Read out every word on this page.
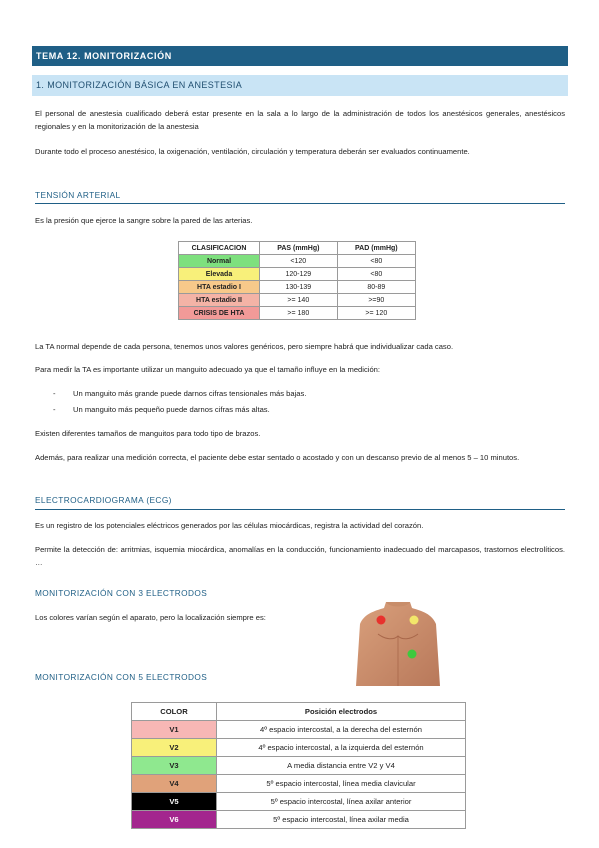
TEMA 12. MONITORIZACIÓN
1. MONITORIZACIÓN BÁSICA EN ANESTESIA
El personal de anestesia cualificado deberá estar presente en la sala a lo largo de la administración de todos los anestésicos generales, anestésicos regionales y en la monitorización de la anestesia
Durante todo el proceso anestésico, la oxigenación, ventilación, circulación y temperatura deberán ser evaluados continuamente.
TENSIÓN ARTERIAL
Es la presión que ejerce la sangre sobre la pared de las arterias.
CLASIFICACION	PAS (mmHg)	PAD (mmHg)
Normal	<120	<80
Elevada	120-129	<80
HTA estadio I	130-139	80-89
HTA estadio II	>= 140	>=90
CRISIS DE HTA	>= 180	>= 120
La TA normal depende de cada persona, tenemos unos valores genéricos, pero siempre habrá que individualizar cada caso.
Para medir la TA es importante utilizar un manguito adecuado ya que el tamaño influye en la medición:
- Un manguito más grande puede darnos cifras tensionales más bajas.
- Un manguito más pequeño puede darnos cifras más altas.
Existen diferentes tamaños de manguitos para todo tipo de brazos.
Además, para realizar una medición correcta, el paciente debe estar sentado o acostado y con un descanso previo de al menos 5 – 10 minutos.
ELECTROCARDIOGRAMA (ECG)
Es un registro de los potenciales eléctricos generados por las células miocárdicas, registra la actividad del corazón.
Permite la detección de: arritmias, isquemia miocárdica, anomalías en la conducción, funcionamiento inadecuado del marcapasos, trastornos electrolíticos. …
MONITORIZACIÓN CON 3 ELECTRODOS
Los colores varían según el aparato, pero la localización siempre es:
MONITORIZACIÓN CON 5 ELECTRODOS
COLOR	Posición electrodos
V1	4º espacio intercostal, a la derecha del esternón
V2	4º espacio intercostal, a la izquierda del esternón
V3	A media distancia entre V2 y V4
V4	5º espacio intercostal, línea media clavicular
V5	5º espacio intercostal, línea axilar anterior
V6	5º espacio intercostal, línea axilar media
